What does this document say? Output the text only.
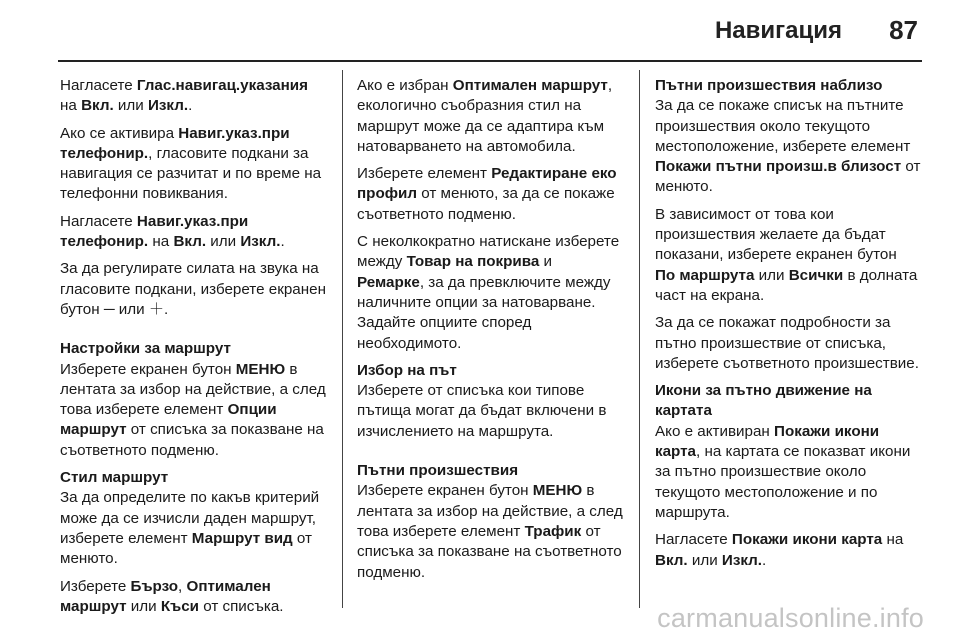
Навигация 87

Нагласете Глас.навигац.указания на Вкл. или Изкл..

Ако се активира Навиг.указ.при телефонир., гласовите подкани за навигация се разчитат и по време на телефонни повиквания.

Нагласете Навиг.указ.при телефонир. на Вкл. или Изкл..

За да регулирате силата на звука на гласовите подкани, изберете екранен бутон ─ или ＋.

Настройки за маршрут

Изберете екранен бутон МЕНЮ в лентата за избор на действие, а след това изберете елемент Опции маршрут от списъка за показване на съответното подменю.

Стил маршрут

За да определите по какъв критерий може да се изчисли даден маршрут, изберете елемент Маршрут вид от менюто.

Изберете Бързо, Оптимален маршрут или Къси от списъка.

Ако е избран Оптимален маршрут, екологично съобразния стил на маршрут може да се адаптира към натоварването на автомобила.

Изберете елемент Редактиране еко профил от менюто, за да се покаже съответното подменю.

С неколкократно натискане изберете между Товар на покрива и Ремарке, за да превключите между наличните опции за натоварване. Задайте опциите според необходимото.

Избор на път

Изберете от списъка кои типове пътища могат да бъдат включени в изчислението на маршрута.

Пътни произшествия

Изберете екранен бутон МЕНЮ в лентата за избор на действие, а след това изберете елемент Трафик от списъка за показване на съответното подменю.

Пътни произшествия наблизо

За да се покаже списък на пътните произшествия около текущото местоположение, изберете елемент Покажи пътни произш.в близост от менюто.

В зависимост от това кои произшествия желаете да бъдат показани, изберете екранен бутон По маршрута или Всички в долната част на екрана.

За да се покажат подробности за пътно произшествие от списъка, изберете съответното произшествие.

Икони за пътно движение на картата

Ако е активиран Покажи икони карта, на картата се показват икони за пътно произшествие около текущото местоположение и по маршрута.

Нагласете Покажи икони карта на Вкл. или Изкл..

carmanualsonline.info
